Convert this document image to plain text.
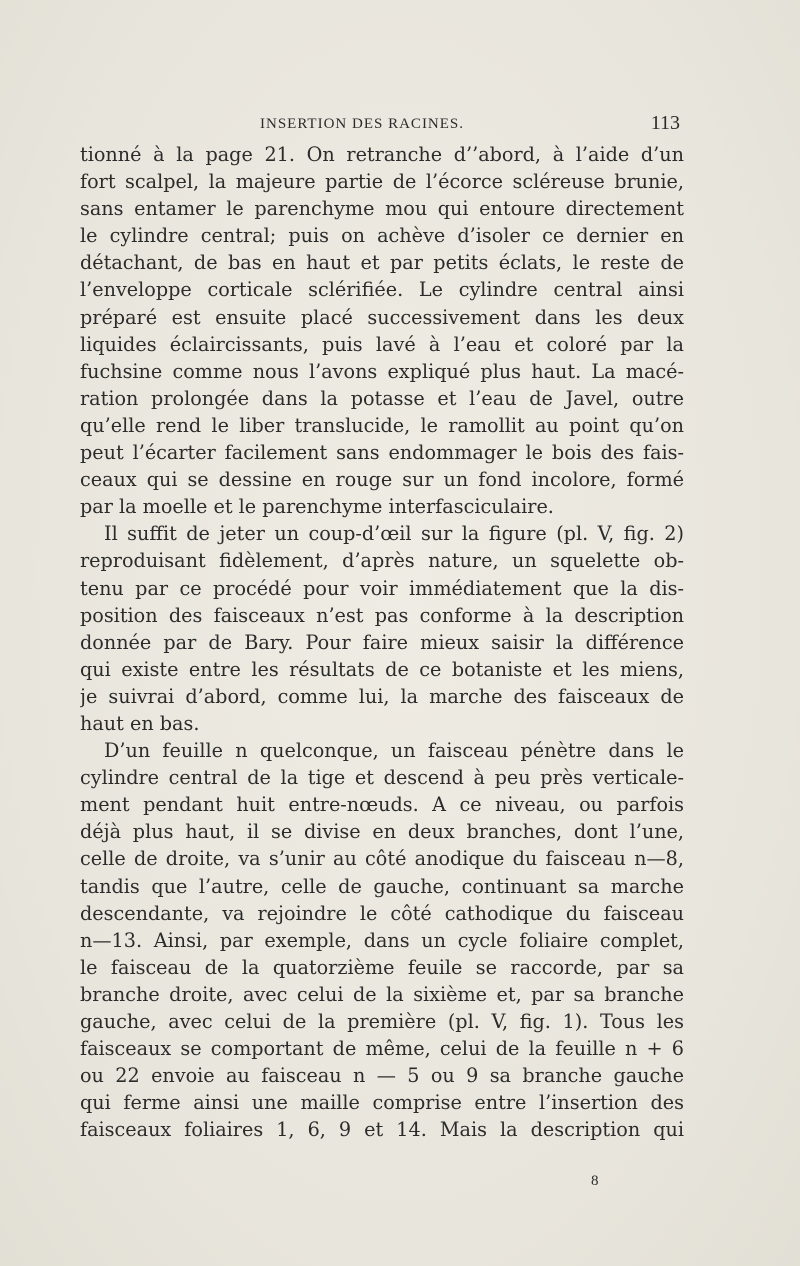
INSERTION DES RACINES.	113
tionné à la page 21. On retranche d’’abord, à l’aide d’un
fort scalpel, la majeure partie de l’écorce scléreuse brunie,
sans entamer le parenchyme mou qui entoure directement
le cylindre central; puis on achève d’isoler ce dernier en
détachant, de bas en haut et par petits éclats, le reste de
l’enveloppe corticale sclérifiée. Le cylindre central ainsi
préparé est ensuite placé successivement dans les deux
liquides éclaircissants, puis lavé à l’eau et coloré par la
fuchsine comme nous l’avons expliqué plus haut. La macé-
ration prolongée dans la potasse et l’eau de Javel, outre
qu’elle rend le liber translucide, le ramollit au point qu’on
peut l’écarter facilement sans endommager le bois des fais-
ceaux qui se dessine en rouge sur un fond incolore, formé
par la moelle et le parenchyme interfasciculaire.
Il suffit de jeter un coup-d’œil sur la figure (pl. V, fig. 2)
reproduisant fidèlement, d’après nature, un squelette ob-
tenu par ce procédé pour voir immédiatement que la dis-
position des faisceaux n’est pas conforme à la description
donnée par de Bary. Pour faire mieux saisir la différence
qui existe entre les résultats de ce botaniste et les miens,
je suivrai d’abord, comme lui, la marche des faisceaux de
haut en bas.
D’un feuille n quelconque, un faisceau pénètre dans le
cylindre central de la tige et descend à peu près verticale-
ment pendant huit entre-nœuds. A ce niveau, ou parfois
déjà plus haut, il se divise en deux branches, dont l’une,
celle de droite, va s’unir au côté anodique du faisceau n—8,
tandis que l’autre, celle de gauche, continuant sa marche
descendante, va rejoindre le côté cathodique du faisceau
n—13. Ainsi, par exemple, dans un cycle foliaire complet,
le faisceau de la quatorzième feuile se raccorde, par sa
branche droite, avec celui de la sixième et, par sa branche
gauche, avec celui de la première (pl. V, fig. 1). Tous les
faisceaux se comportant de même, celui de la feuille n + 6
ou 22 envoie au faisceau n — 5 ou 9 sa branche gauche
qui ferme ainsi une maille comprise entre l’insertion des
faisceaux foliaires 1, 6, 9 et 14. Mais la description qui
8
